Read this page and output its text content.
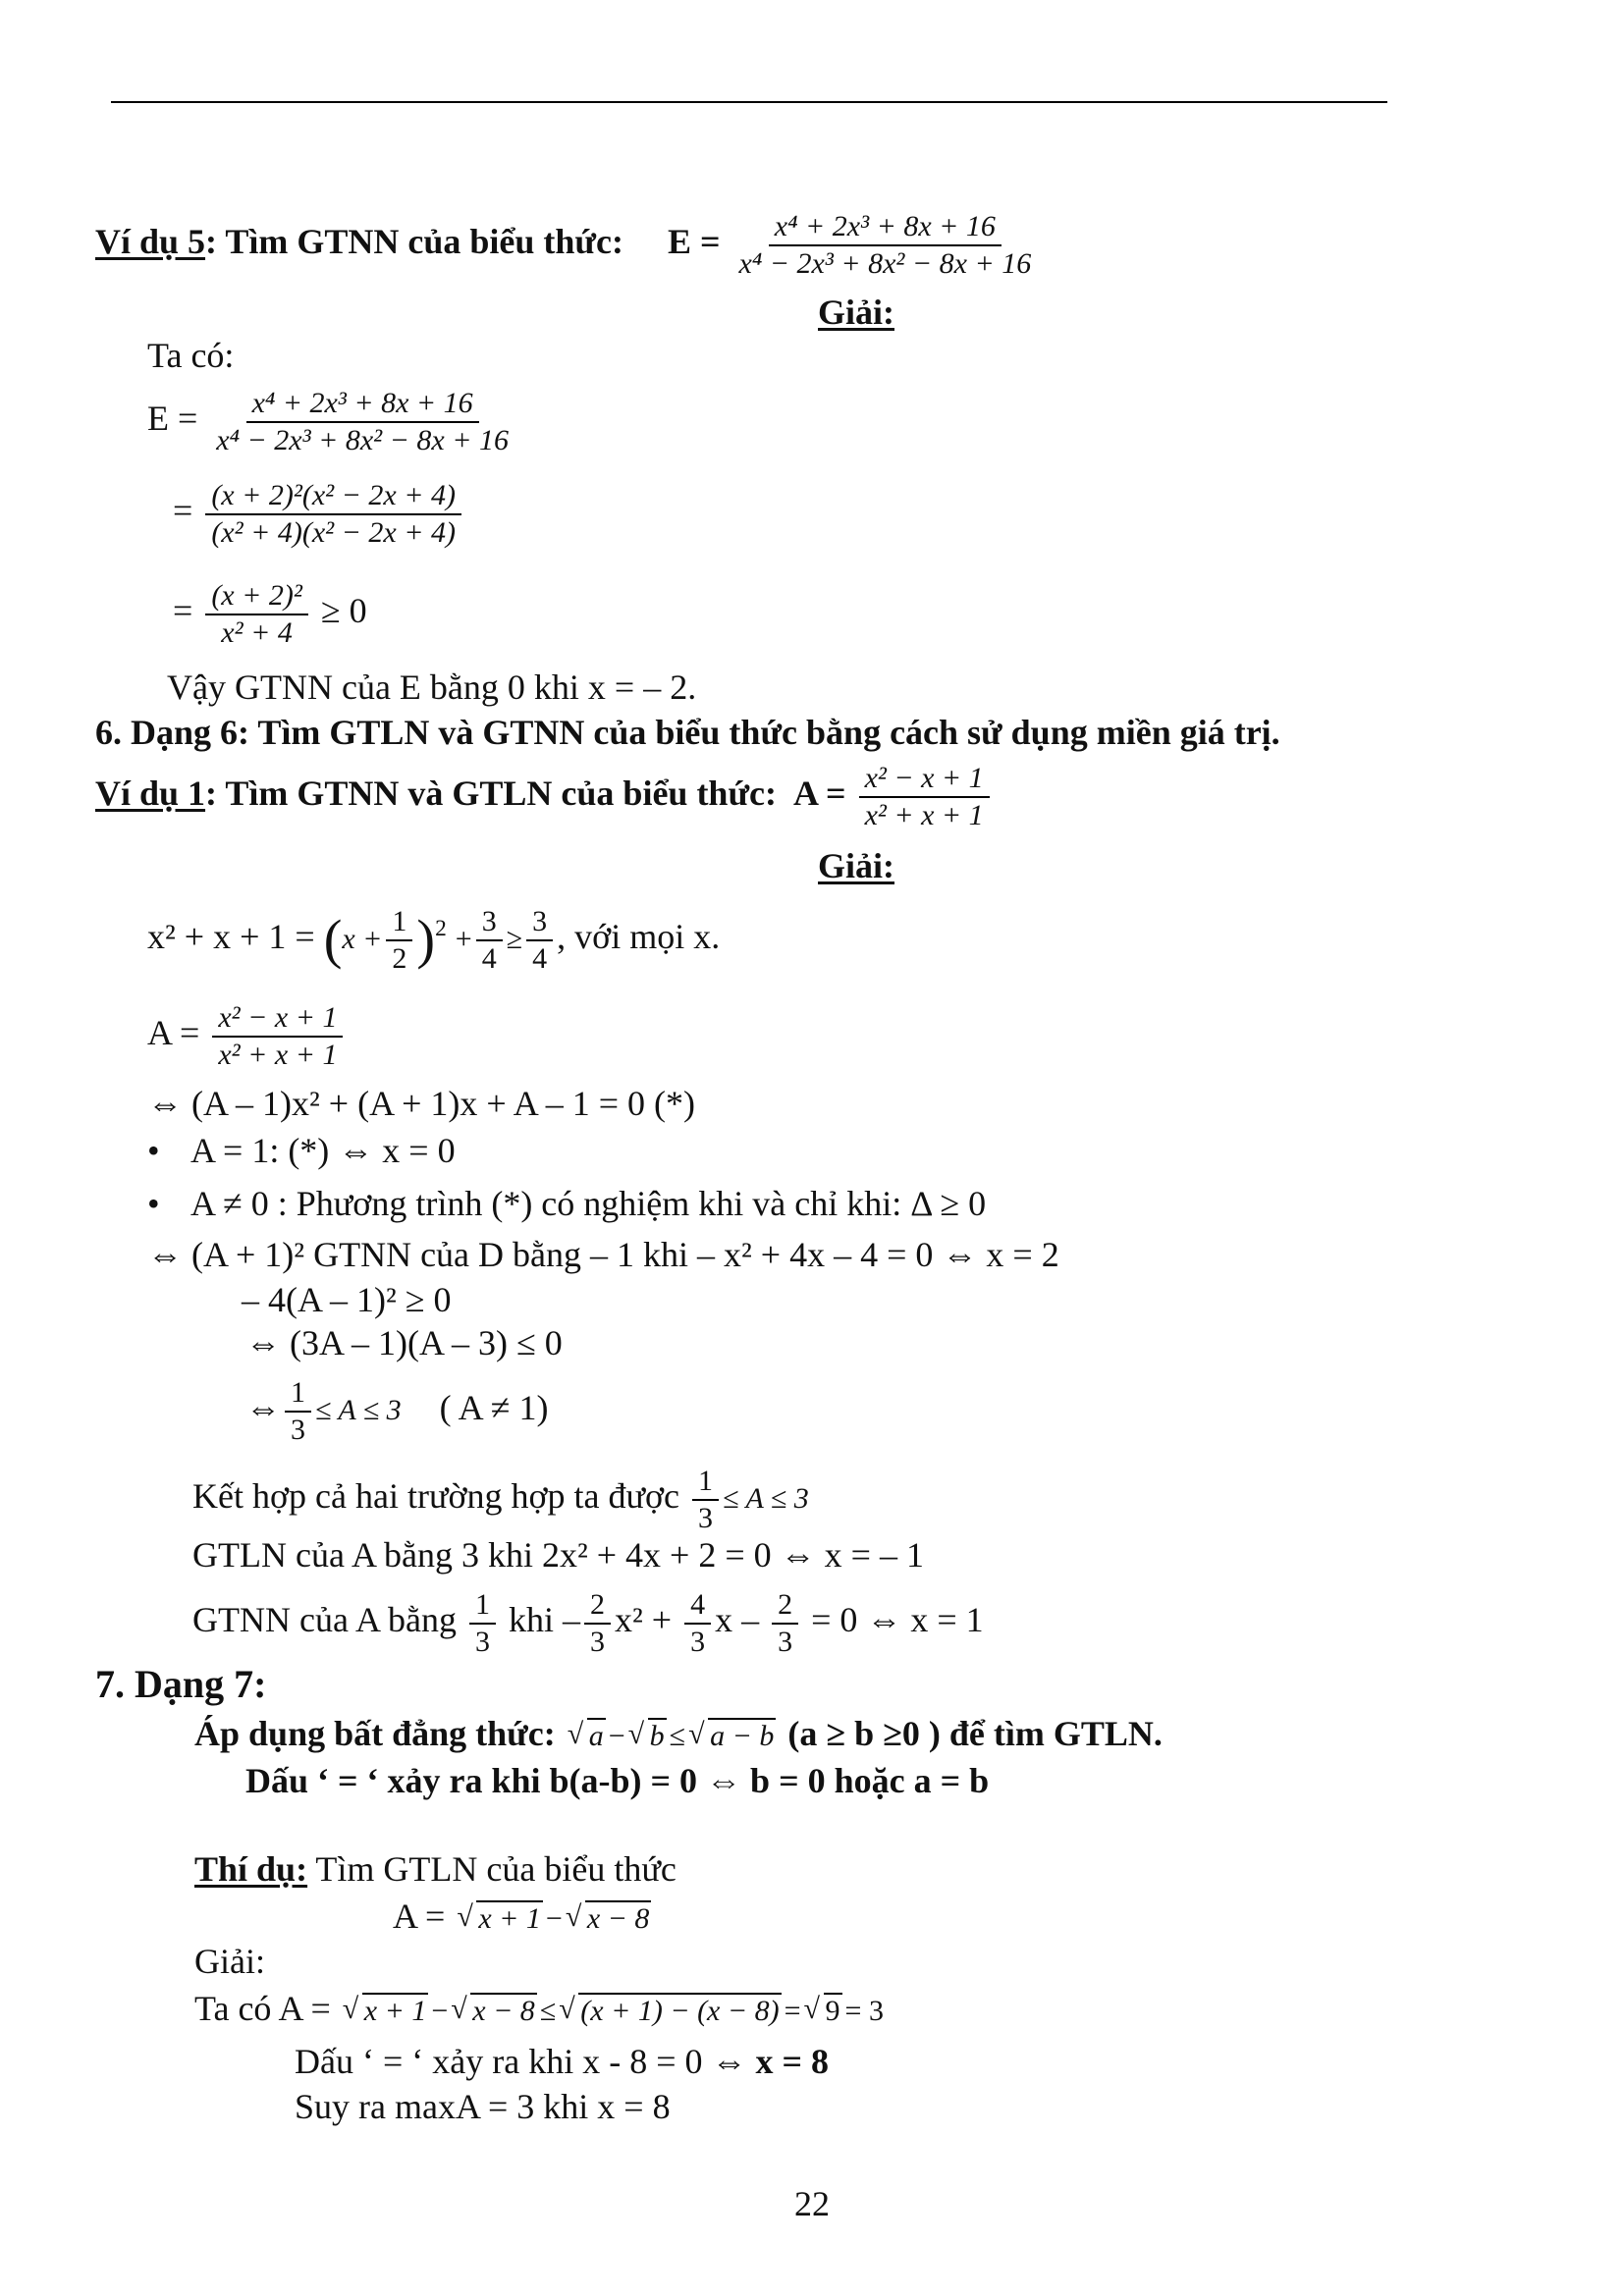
Ví dụ 5: Tìm GTNN của biểu thức: $E = \frac{\text{x⁴ + 2x³ + 8x + 16}}{\text{x⁴ − 2x³ + 8x² − 8x + 16}}$
Giải:
Ta có:
$E = \frac{\text{x⁴ + 2x³ + 8x + 16}}{\text{x⁴ − 2x³ + 8x² − 8x + 16}}$
= $\frac{\text{(x + 2)²(x² − 2x + 4)}}{\text{(x² + 4)(x² − 2x + 4)}}$
= $\frac{\text{(x + 2)²}}{\text{x² + 4}} \ge 0$
Vậy GTNN của E bằng 0 khi x = – 2.
6. Dạng 6: Tìm GTLN và GTNN của biểu thức bằng cách sử dụng miền giá trị.
Ví dụ 1: Tìm GTNN và GTLN của biểu thức: $A = \frac{\text{x² − x + 1}}{\text{x² + x + 1}}$
Giải:
$x^2 + x + 1 = (x + \frac{1}{2} )^2 + \frac{3}{4} \ge \frac{3}{4}$ , với mọi x.
$A = \frac{\text{x² − x + 1}}{\text{x² + x + 1}}$
⇔ (A – 1)x² + (A + 1)x + A – 1 = 0 (*)
• A = 1: (*) ⇔ x = 0
• A ≠ 0 : Phương trình (*) có nghiệm khi và chỉ khi: Δ ≥ 0
⇔ (A + 1)² GTNN của D bằng – 1 khi – x² + 4x – 4 = 0 ⇔ x = 2
– 4(A – 1)² ≥ 0
⇔ (3A – 1)(A – 3) ≤ 0
⇔ $\frac{1}{3} \le A \le 3$ ( A ≠ 1)
Kết hợp cả hai trường hợp ta được $\frac{1}{3} \le A \le 3$
GTLN của A bằng 3 khi 2x² + 4x + 2 = 0 ⇔ x = – 1
GTNN của A bằng $\frac{1}{3}$ khi – $\frac{2}{3} x^2 + \frac{4}{3}$ $x - \frac{2}{3} = 0$ ⇔ x = 1
7. Dạng 7:
Áp dụng bất đẳng thức: √ a − √ b ≤ √ a − b (a ≥ b ≥0 ) để tìm GTLN.
Dấu ‘ = ‘ xảy ra khi b(a-b) = 0 ⇔ b = 0 hoặc a = b
Thí dụ: Tìm GTLN của biểu thức
A = √ x + 1 − √ x − 8
Giải:
Ta có A = √ x + 1 − √ x − 8 ≤ √ (x + 1) − (x − 8) = √ 9 = 3
Dấu ‘ = ‘ xảy ra khi x - 8 = 0 ⇔ x = 8
Suy ra maxA = 3 khi x = 8
22
